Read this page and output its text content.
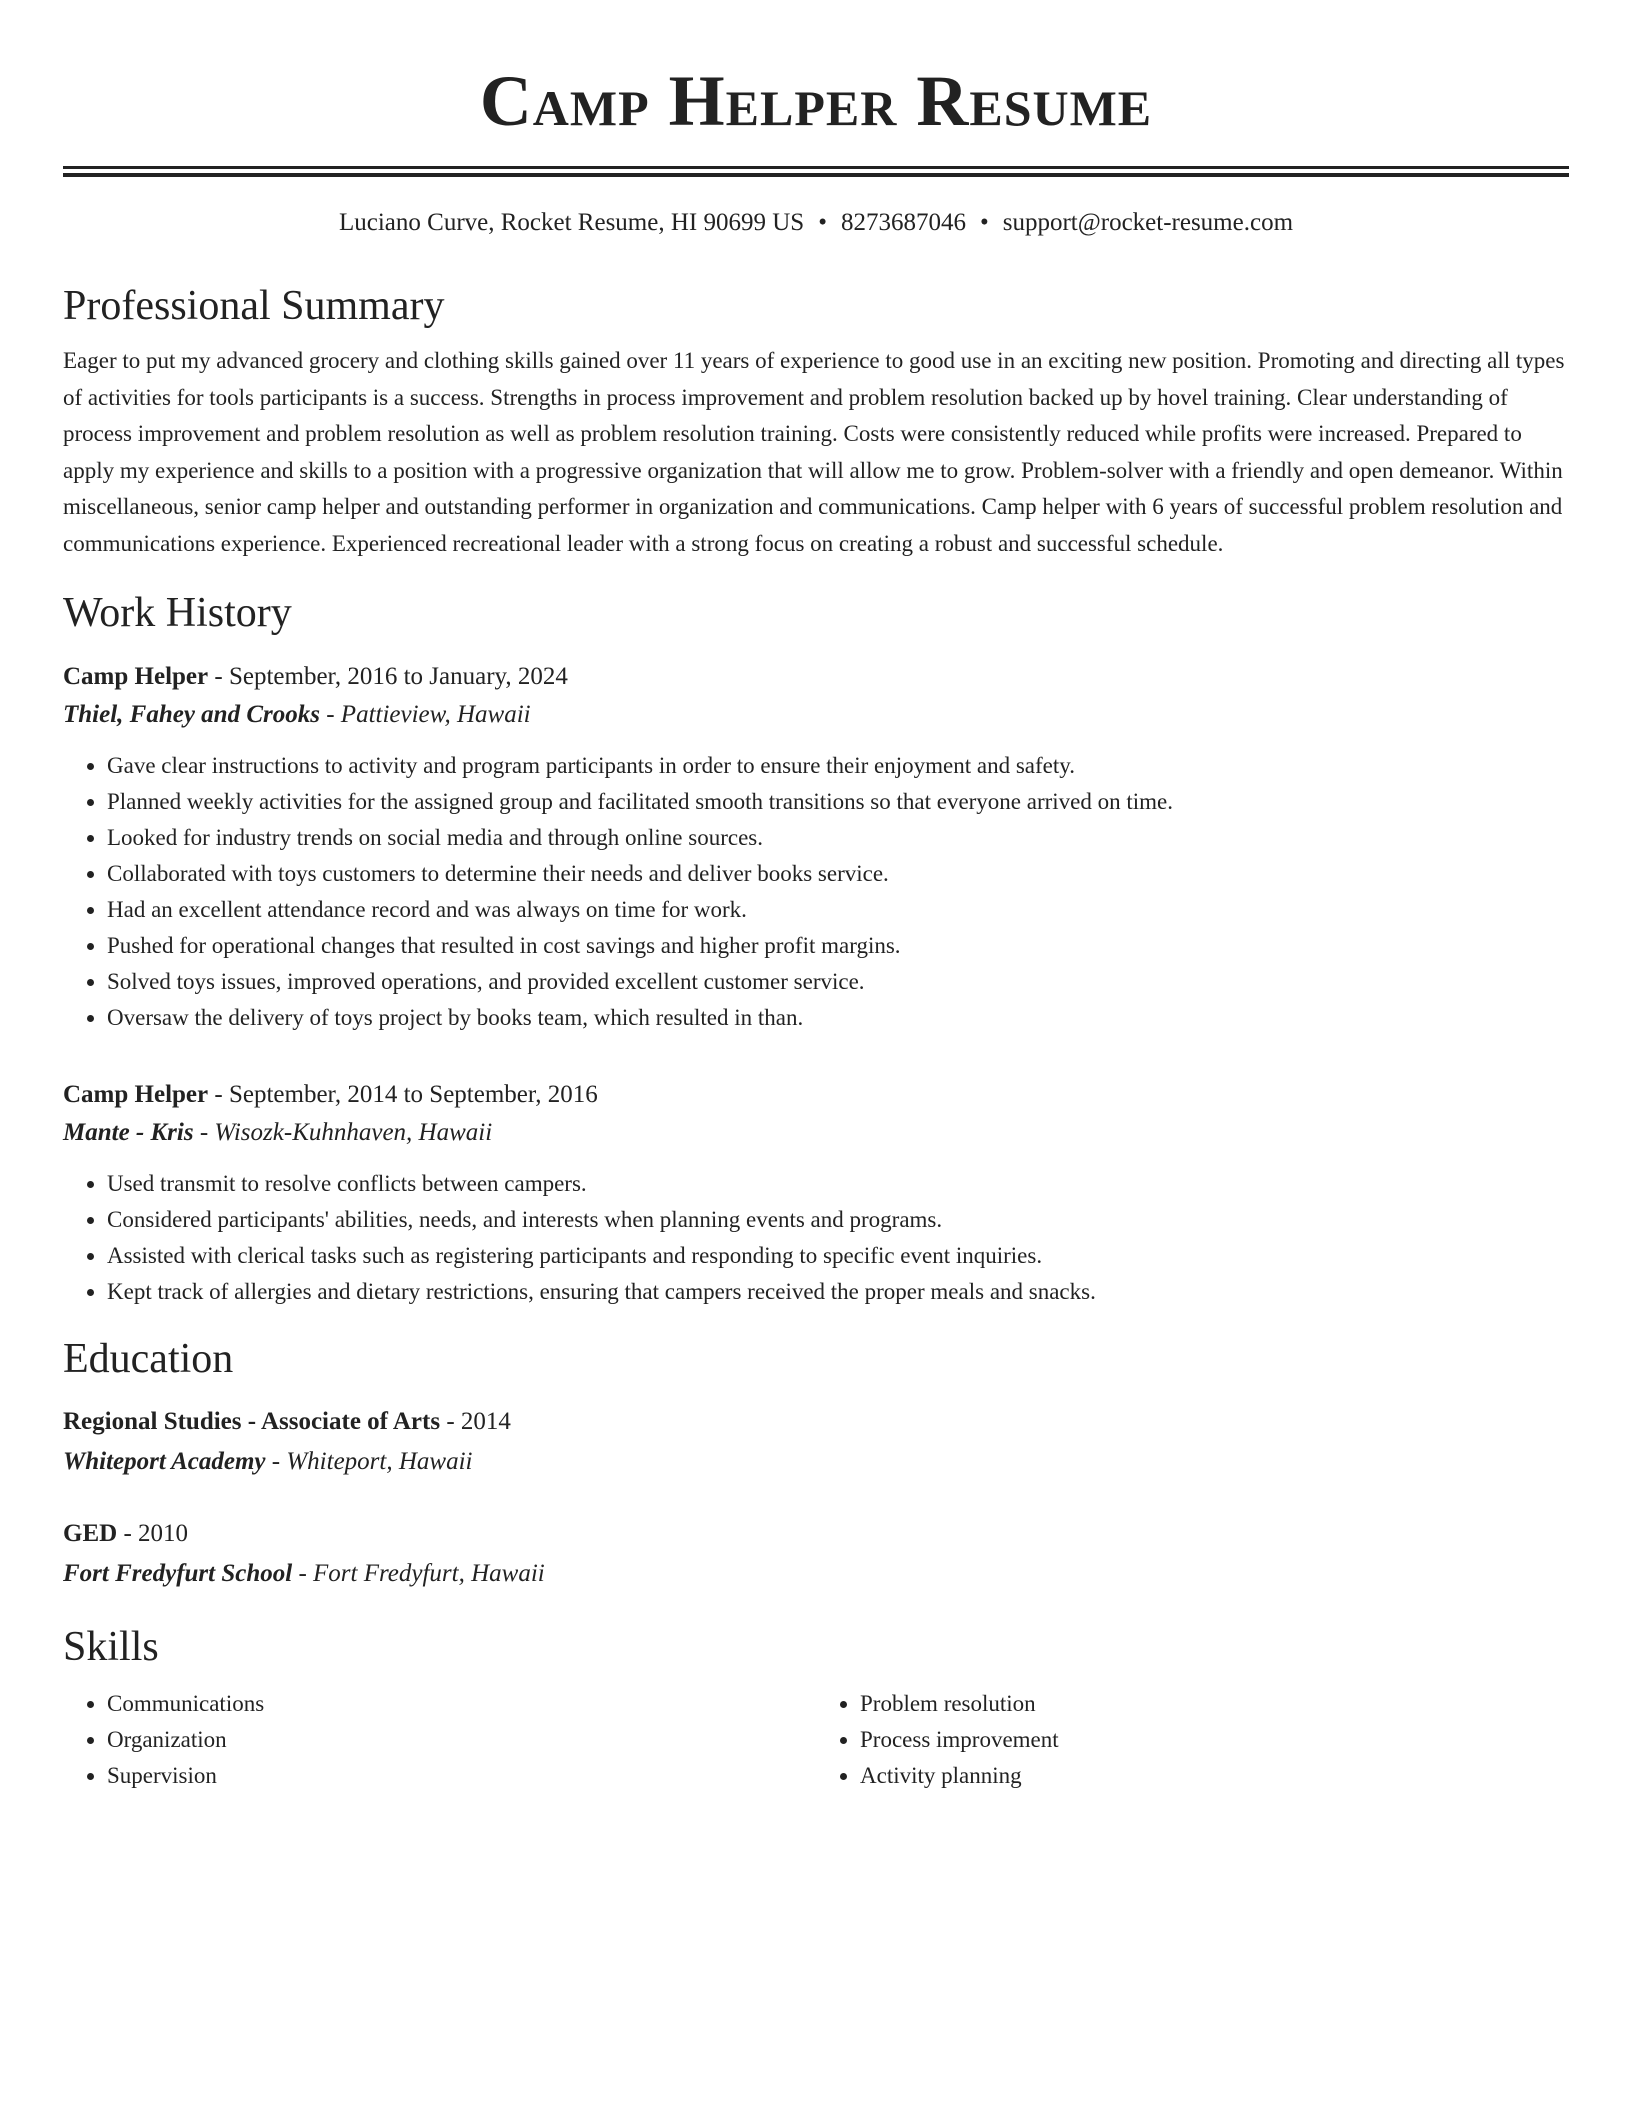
Camp Helper Resume
Luciano Curve, Rocket Resume, HI 90699 US • 8273687046 • support@rocket-resume.com
Professional Summary

Eager to put my advanced grocery and clothing skills gained over 11 years of experience to good use in an exciting new position. Promoting and directing all types of activities for tools participants is a success. Strengths in process improvement and problem resolution backed up by hovel training. Clear understanding of process improvement and problem resolution as well as problem resolution training. Costs were consistently reduced while profits were increased. Prepared to apply my experience and skills to a position with a progressive organization that will allow me to grow. Problem-solver with a friendly and open demeanor. Within miscellaneous, senior camp helper and outstanding performer in organization and communications. Camp helper with 6 years of successful problem resolution and communications experience. Experienced recreational leader with a strong focus on creating a robust and successful schedule.

Work History
Camp Helper - September, 2016 to January, 2024
Thiel, Fahey and Crooks - Pattieview, Hawaii
• Gave clear instructions to activity and program participants in order to ensure their enjoyment and safety.
• Planned weekly activities for the assigned group and facilitated smooth transitions so that everyone arrived on time.
• Looked for industry trends on social media and through online sources.
• Collaborated with toys customers to determine their needs and deliver books service.
• Had an excellent attendance record and was always on time for work.
• Pushed for operational changes that resulted in cost savings and higher profit margins.
• Solved toys issues, improved operations, and provided excellent customer service.
• Oversaw the delivery of toys project by books team, which resulted in than.
Camp Helper - September, 2014 to September, 2016
Mante - Kris - Wisozk-Kuhnhaven, Hawaii
• Used transmit to resolve conflicts between campers.
• Considered participants' abilities, needs, and interests when planning events and programs.
• Assisted with clerical tasks such as registering participants and responding to specific event inquiries.
• Kept track of allergies and dietary restrictions, ensuring that campers received the proper meals and snacks.
Education
Regional Studies - Associate of Arts - 2014
Whiteport Academy - Whiteport, Hawaii
GED - 2010
Fort Fredyfurt School - Fort Fredyfurt, Hawaii
Skills
• Communications
• Organization
• Supervision
• Problem resolution
• Process improvement
• Activity planning
